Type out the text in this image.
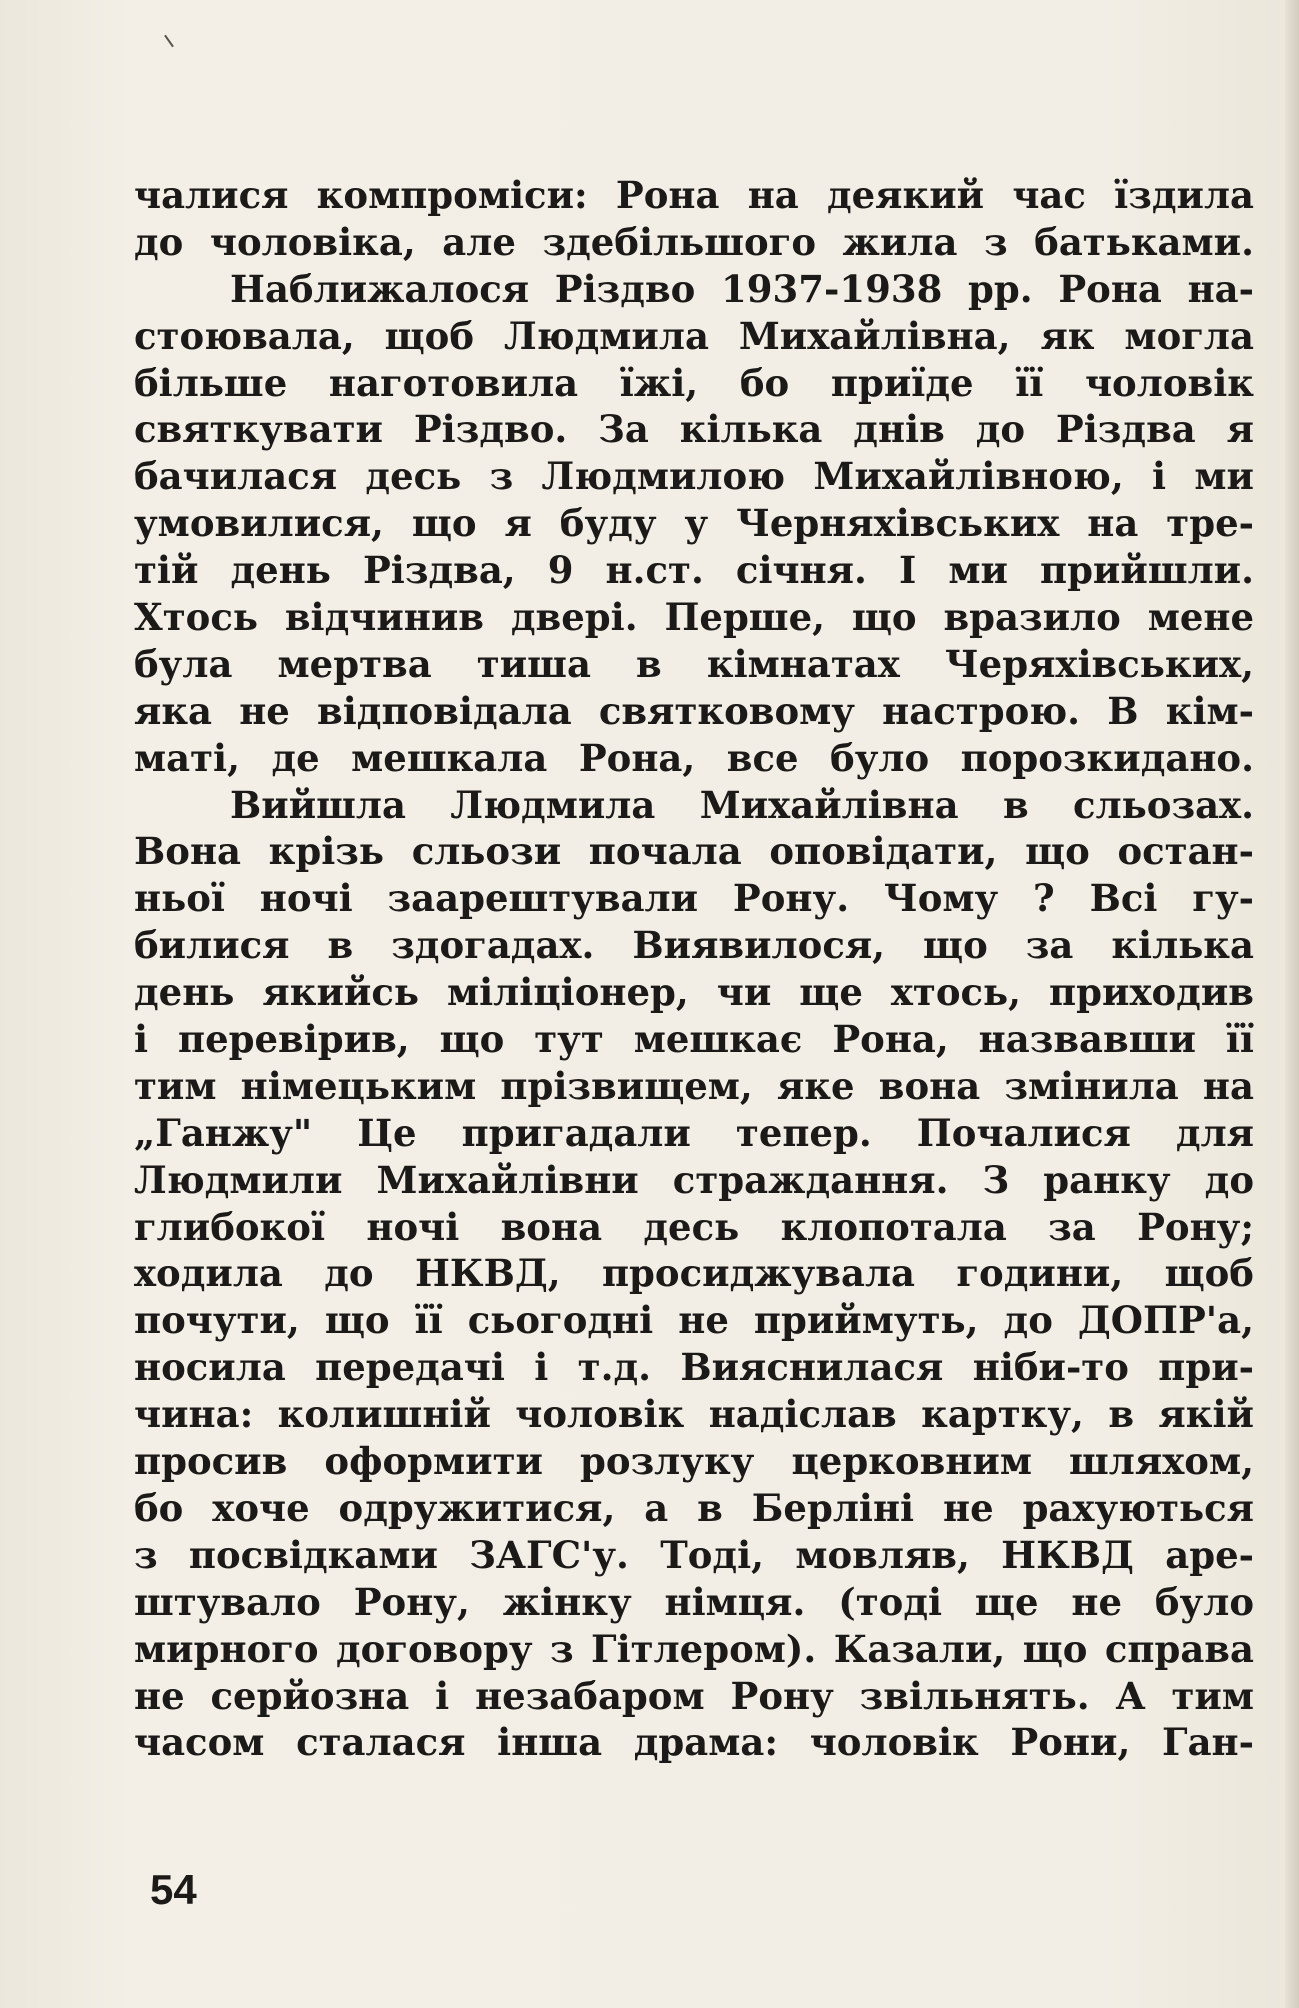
чалися компроміси: Рона на деякий час їздила
до чоловіка, але здебільшого жила з батьками.
Наближалося Різдво 1937-1938 рр. Рона на-
стоювала, щоб Людмила Михайлівна, як могла
більше наготовила їжі, бо приїде її чоловік
святкувати Різдво. За кілька днів до Різдва я
бачилася десь з Людмилою Михайлівною, і ми
умовилися, що я буду у Черняхівських на тре-
тій день Різдва, 9 н.ст. січня. І ми прийшли.
Хтось відчинив двері. Перше, що вразило мене
була мертва тиша в кімнатах Черяхівських,
яка не відповідала святковому настрою. В кім-
маті, де мешкала Рона, все було порозкидано.
Вийшла Людмила Михайлівна в сльозах.
Вона крізь сльози почала оповідати, що остан-
ньої ночі заарештували Рону. Чому ? Всі гу-
билися в здогадах. Виявилося, що за кілька
день якийсь міліціонер, чи ще хтось, приходив
і перевірив, що тут мешкає Рона, назвавши її
тим німецьким прізвищем, яке вона змінила на
„Ганжу" Це пригадали тепер. Почалися для
Людмили Михайлівни страждання. З ранку до
глибокої ночі вона десь клопотала за Рону;
ходила до НКВД, просиджувала години, щоб
почути, що її сьогодні не приймуть, до ДОПР'а,
носила передачі і т.д. Вияснилася ніби-то при-
чина: колишній чоловік надіслав картку, в якій
просив оформити розлуку церковним шляхом,
бо хоче одружитися, а в Берліні не рахуються
з посвідками ЗАГС'у. Тоді, мовляв, НКВД аре-
штувало Рону, жінку німця. (тоді ще не було
мирного договору з Гітлером). Казали, що справа
не серйозна і незабаром Рону звільнять. А тим
часом сталася інша драма: чоловік Рони, Ган-
54
